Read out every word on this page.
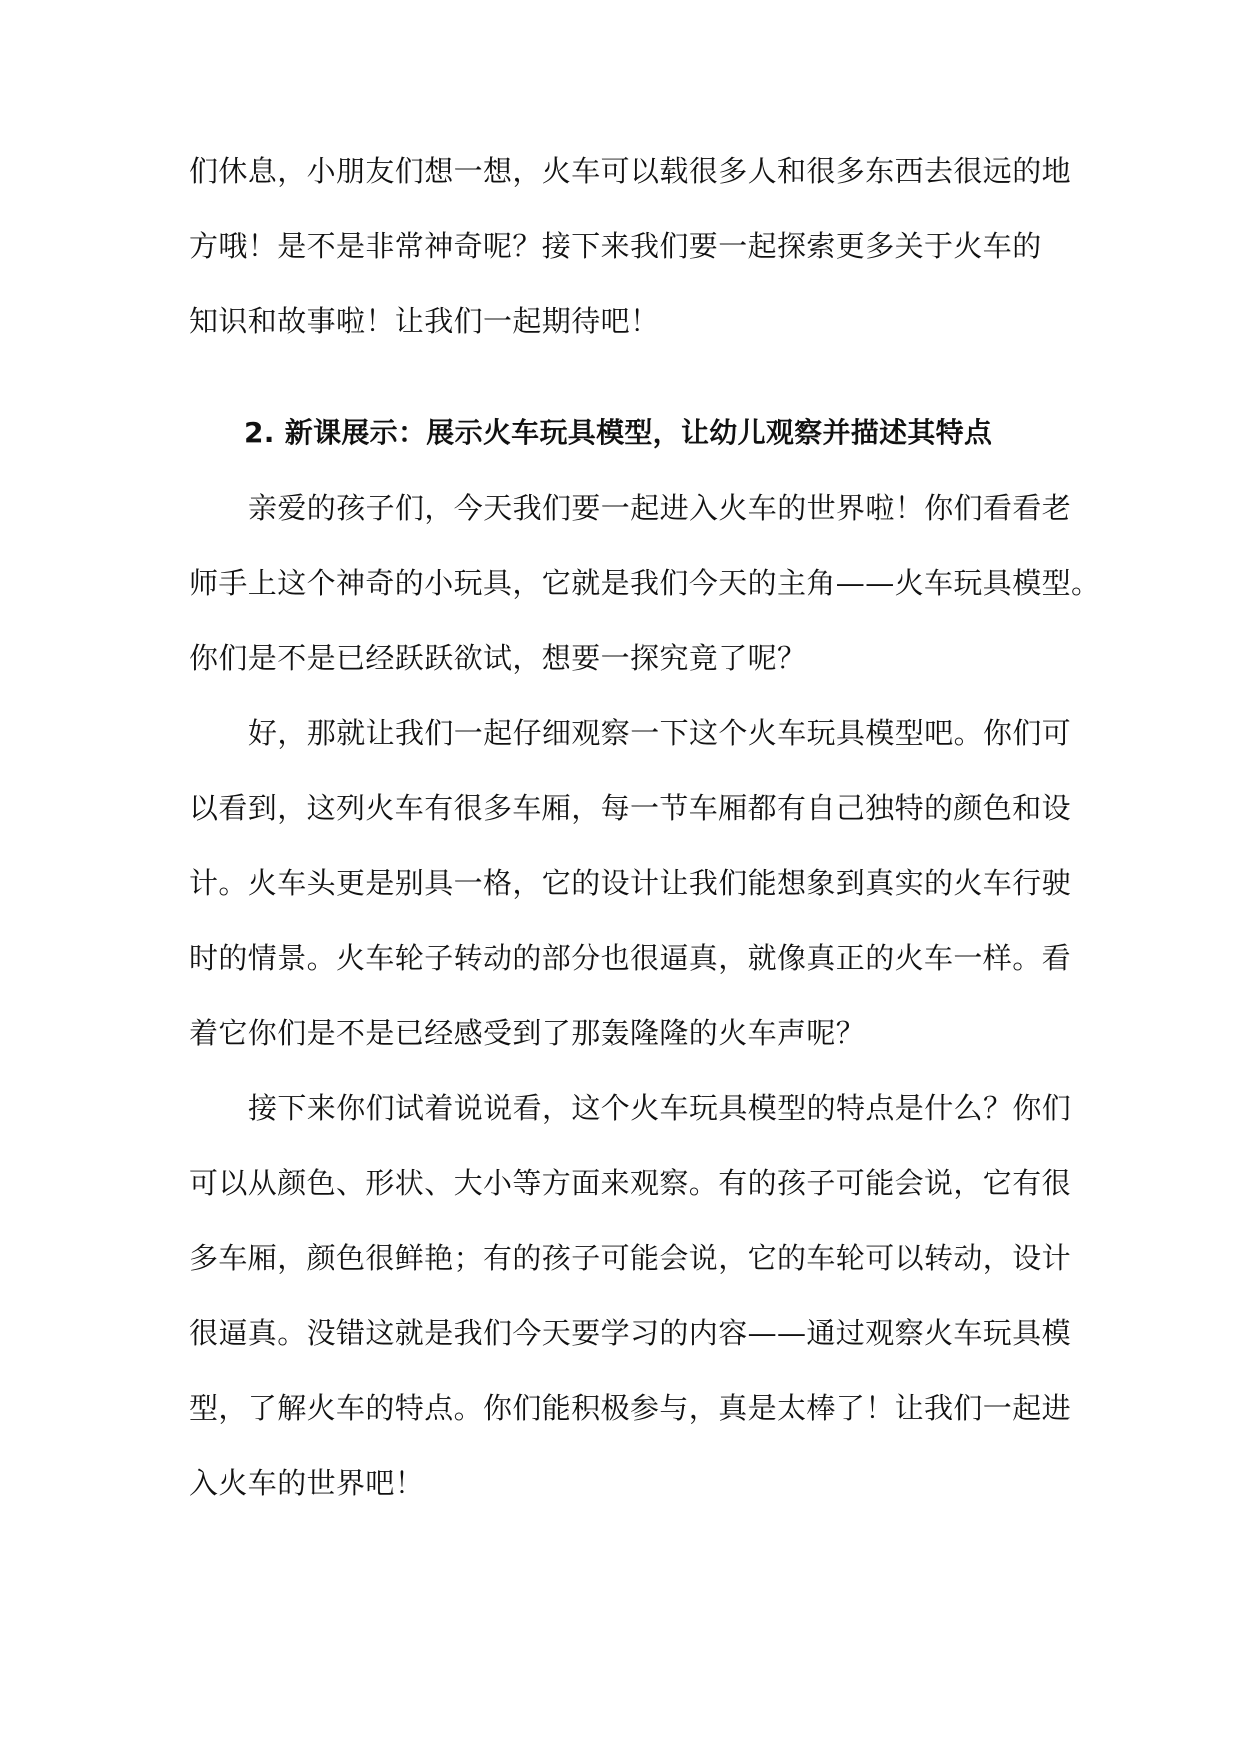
们休息，小朋友们想一想，火车可以载很多人和很多东西去很远的地

方哦！是不是非常神奇呢？接下来我们要一起探索更多关于火车的

知识和故事啦！让我们一起期待吧！

2. 新课展示：展示火车玩具模型，让幼儿观察并描述其特点

亲爱的孩子们，今天我们要一起进入火车的世界啦！你们看看老

师手上这个神奇的小玩具，它就是我们今天的主角——火车玩具模型。

你们是不是已经跃跃欲试，想要一探究竟了呢？

好，那就让我们一起仔细观察一下这个火车玩具模型吧。你们可

以看到，这列火车有很多车厢，每一节车厢都有自己独特的颜色和设

计。火车头更是别具一格，它的设计让我们能想象到真实的火车行驶

时的情景。火车轮子转动的部分也很逼真，就像真正的火车一样。看

着它你们是不是已经感受到了那轰隆隆的火车声呢？

接下来你们试着说说看，这个火车玩具模型的特点是什么？你们

可以从颜色、形状、大小等方面来观察。有的孩子可能会说，它有很

多车厢，颜色很鲜艳；有的孩子可能会说，它的车轮可以转动，设计

很逼真。没错这就是我们今天要学习的内容——通过观察火车玩具模

型，了解火车的特点。你们能积极参与，真是太棒了！让我们一起进

入火车的世界吧！
